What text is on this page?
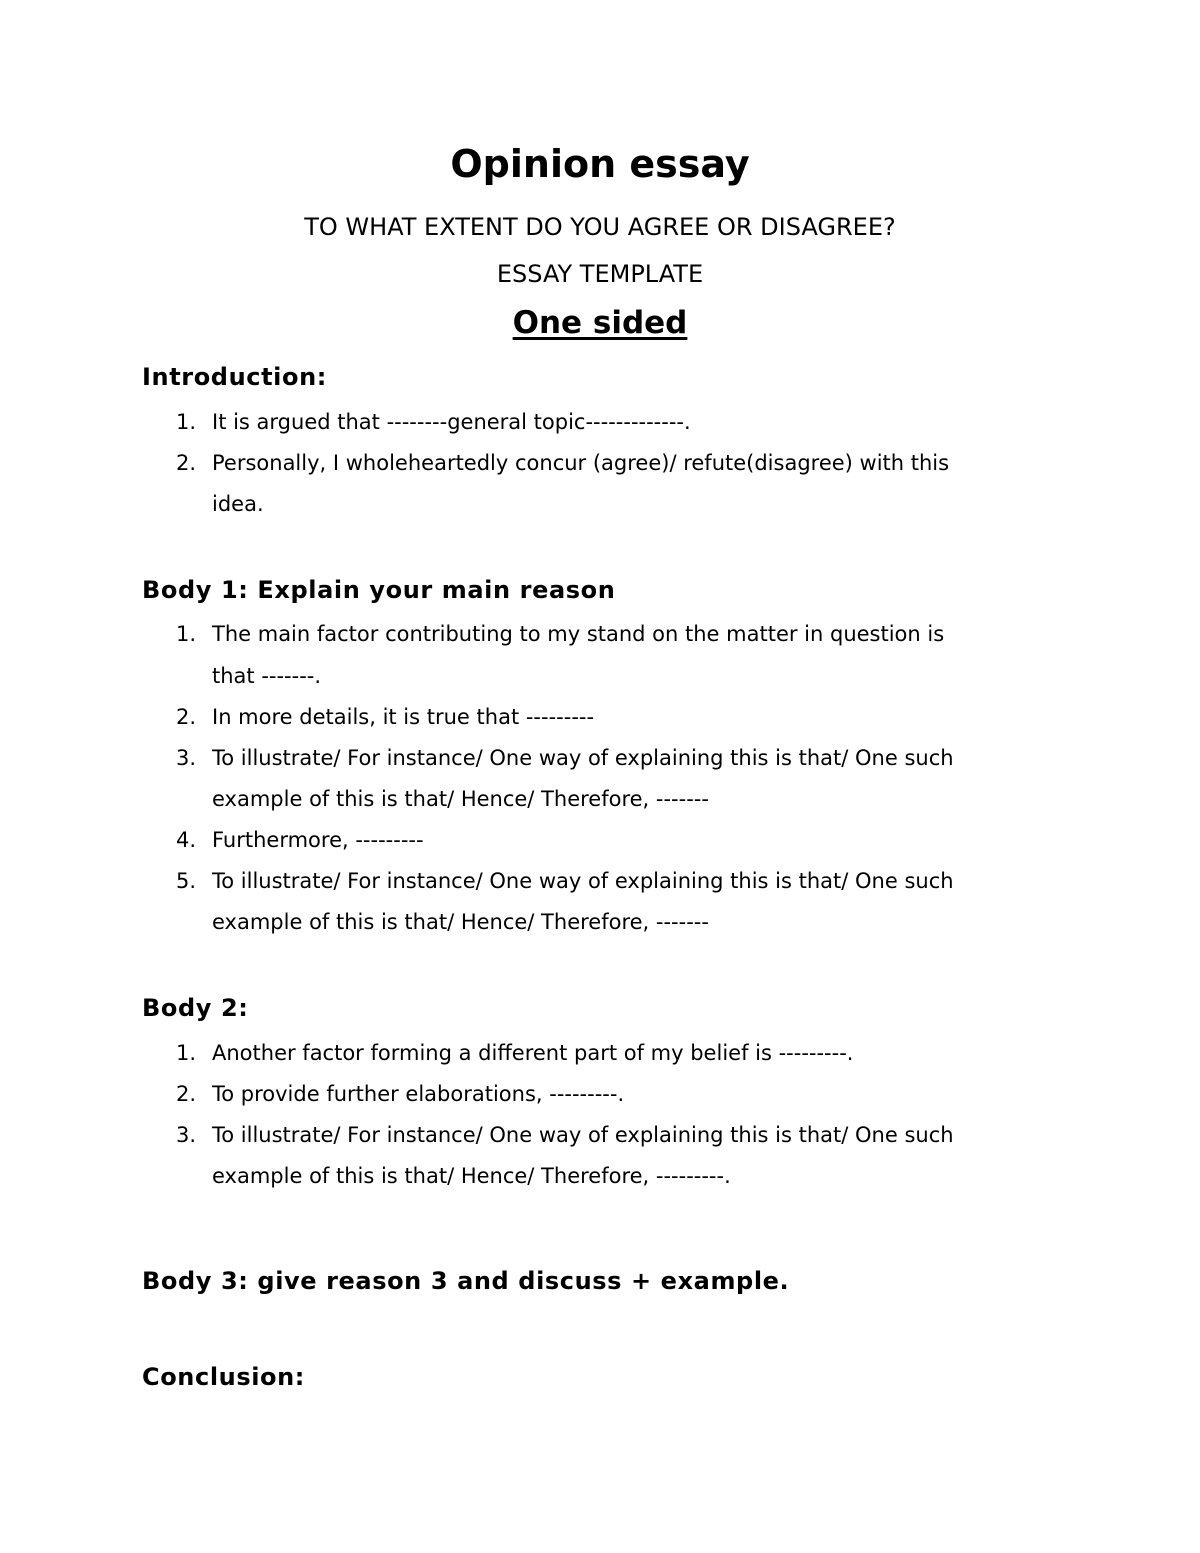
Opinion essay

TO WHAT EXTENT DO YOU AGREE OR DISAGREE?

ESSAY TEMPLATE

One sided
Introduction:
1. It is argued that --------general topic-------------.
2. Personally, I wholeheartedly concur (agree)/ refute(disagree) with this
idea.
Body 1: Explain your main reason
1. The main factor contributing to my stand on the matter in question is
that -------.
2. In more details, it is true that ---------
3. To illustrate/ For instance/ One way of explaining this is that/ One such
example of this is that/ Hence/ Therefore, -------
4. Furthermore, ---------
5. To illustrate/ For instance/ One way of explaining this is that/ One such
example of this is that/ Hence/ Therefore, -------
Body 2:
1. Another factor forming a different part of my belief is ---------.
2. To provide further elaborations, ---------.
3. To illustrate/ For instance/ One way of explaining this is that/ One such
example of this is that/ Hence/ Therefore, ---------.
Body 3: give reason 3 and discuss + example.
Conclusion:
